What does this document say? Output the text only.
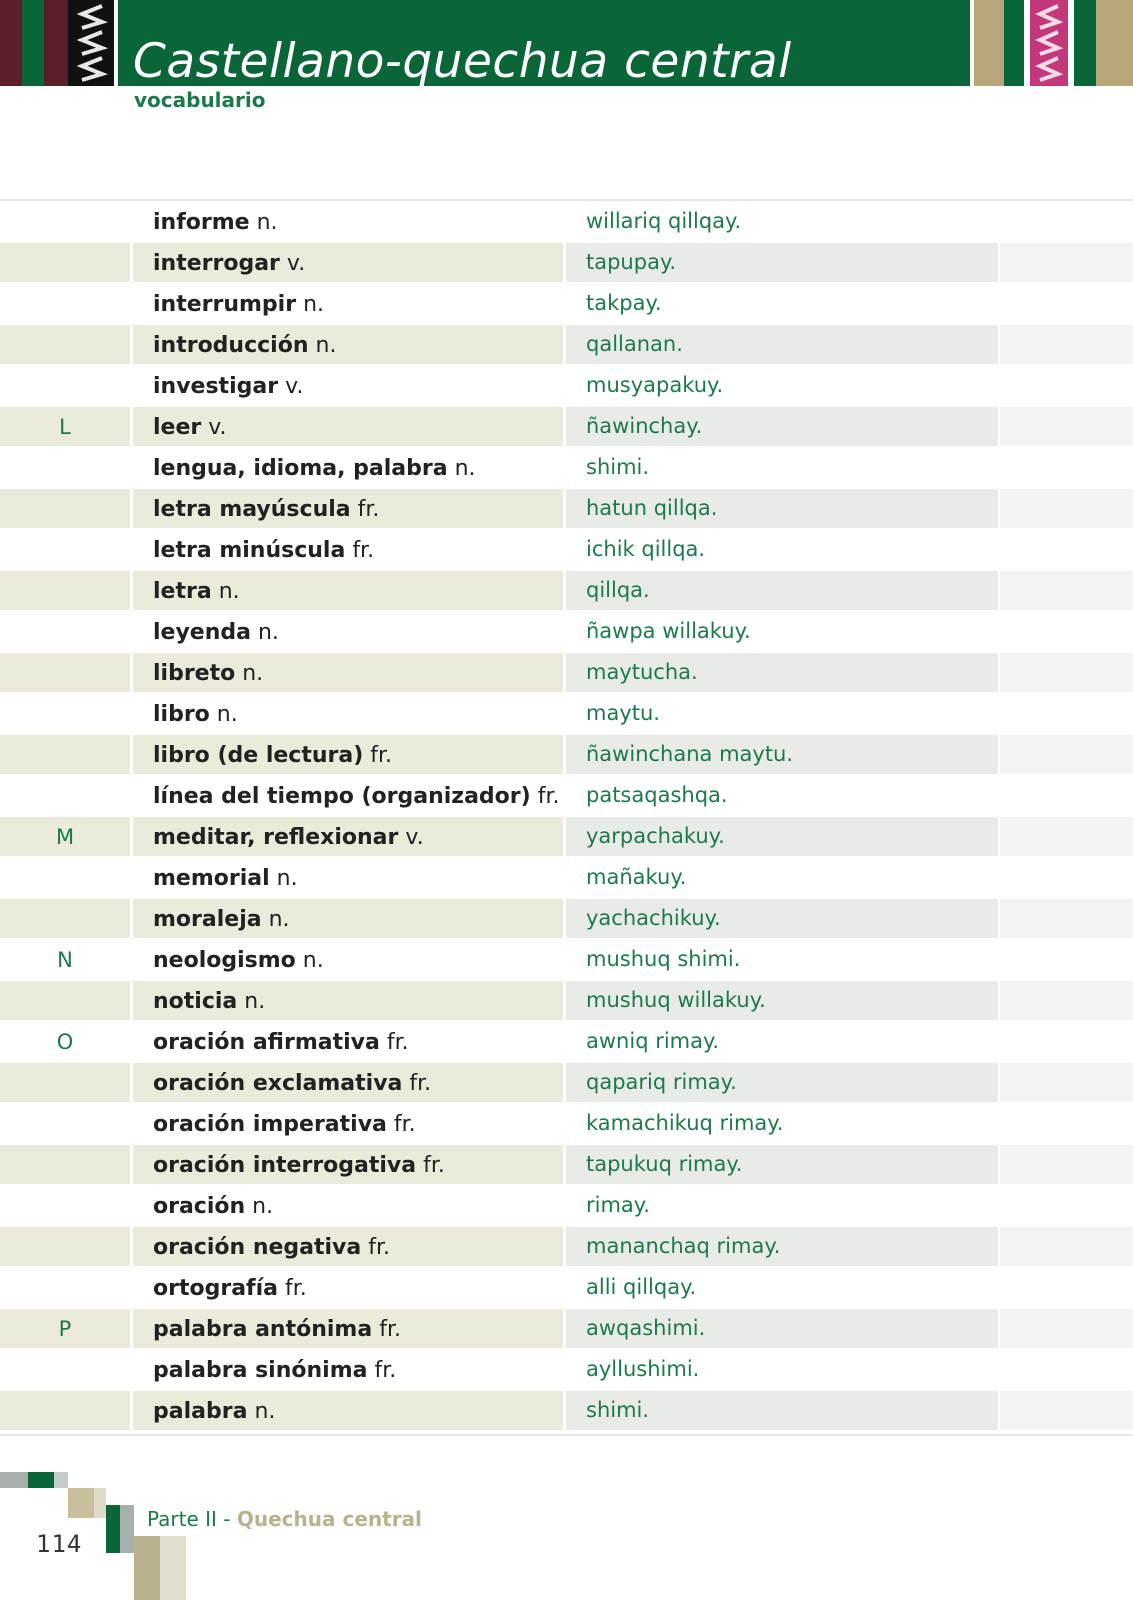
Castellano-quechua central
vocabulario
informe n.	willariq qillqay.
interrogar v.	tapupay.
interrumpir n.	takpay.
introducción n.	qallanan.
investigar v.	musyapakuy.
L	leer v.	ñawinchay.
lengua, idioma, palabra n.	shimi.
letra mayúscula fr.	hatun qillqa.
letra minúscula fr.	ichik qillqa.
letra n.	qillqa.
leyenda n.	ñawpa willakuy.
libreto n.	maytucha.
libro n.	maytu.
libro (de lectura) fr.	ñawinchana maytu.
línea del tiempo (organizador) fr. patsaqashqa.
M	meditar, reflexionar v.	yarpachakuy.
memorial n.	mañakuy.
moraleja n.	yachachikuy.
N	neologismo n.	mushuq shimi.
noticia n.	mushuq willakuy.
O	oración afirmativa fr.	awniq rimay.
oración exclamativa fr.	qapariq rimay.
oración imperativa fr.	kamachikuq rimay.
oración interrogativa fr.	tapukuq rimay.
oración n.	rimay.
oración negativa fr.	mananchaq rimay.
ortografía fr.	alli qillqay.
P	palabra antónima fr.	awqashimi.
palabra sinónima fr.	ayllushimi.
palabra n.	shimi.
Parte II - Quechua central
114
